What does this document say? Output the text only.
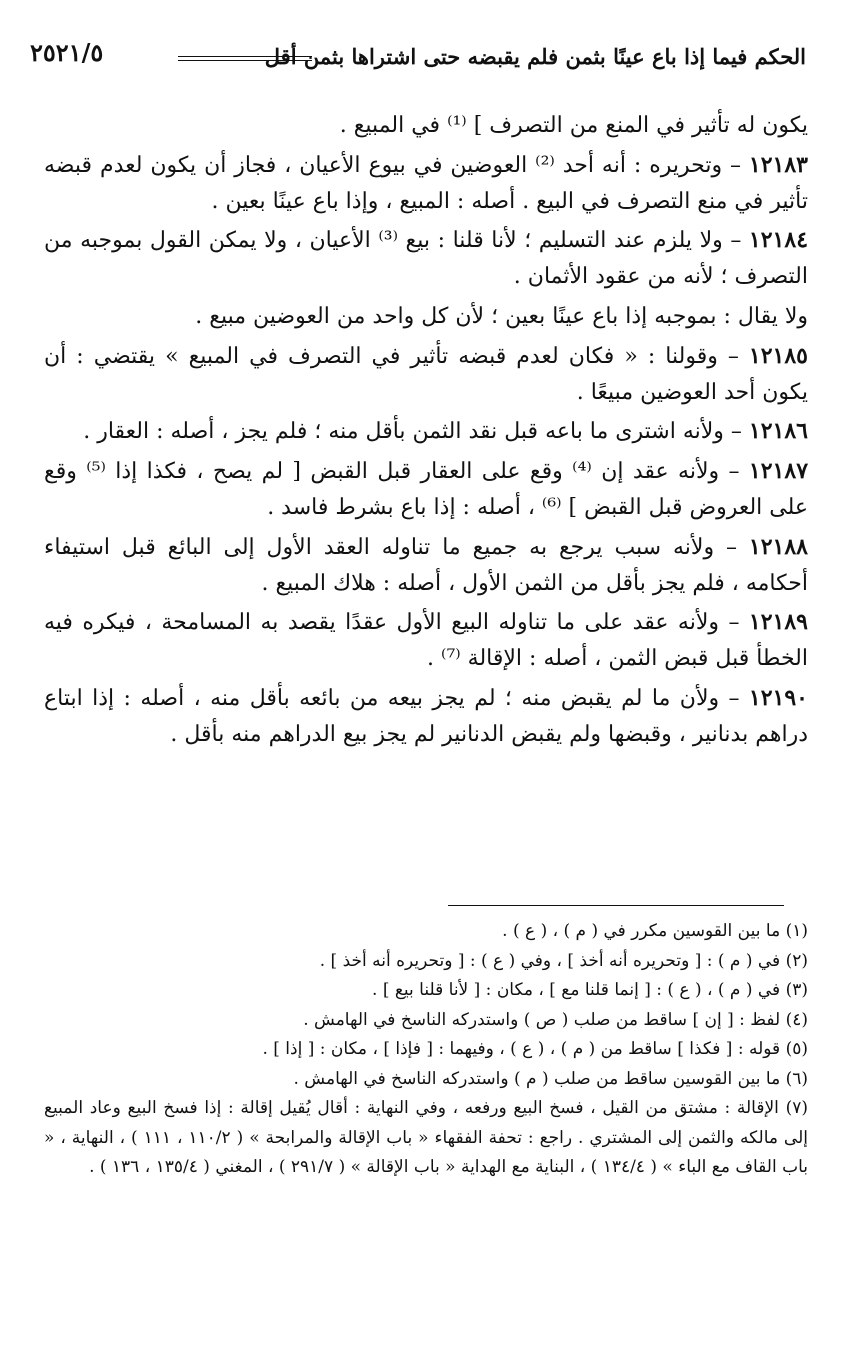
الحكم فيما إذا باع عينًا بثمن فلم يقبضه حتى اشتراها بثمن أقل
٢٥٢١/٥

يكون له تأثير في المنع من التصرف ] ⁽¹⁾ في المبيع .

١٢١٨٣ – وتحريره : أنه أحد ⁽²⁾ العوضين في بيوع الأعيان ، فجاز أن يكون لعدم قبضه تأثير في منع التصرف في البيع . أصله : المبيع ، وإذا باع عينًا بعين .

١٢١٨٤ – ولا يلزم عند التسليم ؛ لأنا قلنا : بيع ⁽³⁾ الأعيان ، ولا يمكن القول بموجبه من التصرف ؛ لأنه من عقود الأثمان .

ولا يقال : بموجبه إذا باع عينًا بعين ؛ لأن كل واحد من العوضين مبيع .

١٢١٨٥ – وقولنا : « فكان لعدم قبضه تأثير في التصرف في المبيع » يقتضي : أن يكون أحد العوضين مبيعًا .

١٢١٨٦ – ولأنه اشترى ما باعه قبل نقد الثمن بأقل منه ؛ فلم يجز ، أصله : العقار .

١٢١٨٧ – ولأنه عقد إن ⁽⁴⁾ وقع على العقار قبل القبض [ لم يصح ، فكذا إذا ⁽⁵⁾ وقع على العروض قبل القبض ] ⁽⁶⁾ ، أصله : إذا باع بشرط فاسد .

١٢١٨٨ – ولأنه سبب يرجع به جميع ما تناوله العقد الأول إلى البائع قبل استيفاء أحكامه ، فلم يجز بأقل من الثمن الأول ، أصله : هلاك المبيع .

١٢١٨٩ – ولأنه عقد على ما تناوله البيع الأول عقدًا يقصد به المسامحة ، فيكره فيه الخطأ قبل قبض الثمن ، أصله : الإقالة ⁽⁷⁾ .

١٢١٩٠ – ولأن ما لم يقبض منه ؛ لم يجز بيعه من بائعه بأقل منه ، أصله : إذا ابتاع دراهم بدنانير ، وقبضها ولم يقبض الدنانير لم يجز بيع الدراهم منه بأقل .

(١) ما بين القوسين مكرر في ( م ) ، ( ع ) .
(٢) في ( م ) : [ وتحريره أنه أخذ ] ، وفي ( ع ) : [ وتحريره أنه أخذ ] .
(٣) في ( م ) ، ( ع ) : [ إنما قلنا مع ] ، مكان : [ لأنا قلنا بيع ] .
(٤) لفظ : [ إن ] ساقط من صلب ( ص ) واستدركه الناسخ في الهامش .
(٥) قوله : [ فكذا ] ساقط من ( م ) ، ( ع ) ، وفيهما : [ فإذا ] ، مكان : [ إذا ] .
(٦) ما بين القوسين ساقط من صلب ( م ) واستدركه الناسخ في الهامش .
(٧) الإقالة : مشتق من القيل ، فسخ البيع ورفعه ، وفي النهاية : أقال يُقيل إقالة : إذا فسخ البيع وعاد المبيع إلى مالكه والثمن إلى المشتري . راجع : تحفة الفقهاء « باب الإقالة والمرابحة » ( ١١٠/٢ ، ١١١ ) ، النهاية ، « باب القاف مع الباء » ( ١٣٤/٤ ) ، البناية مع الهداية « باب الإقالة » ( ٢٩١/٧ ) ، المغني ( ١٣٥/٤ ، ١٣٦ ) .
